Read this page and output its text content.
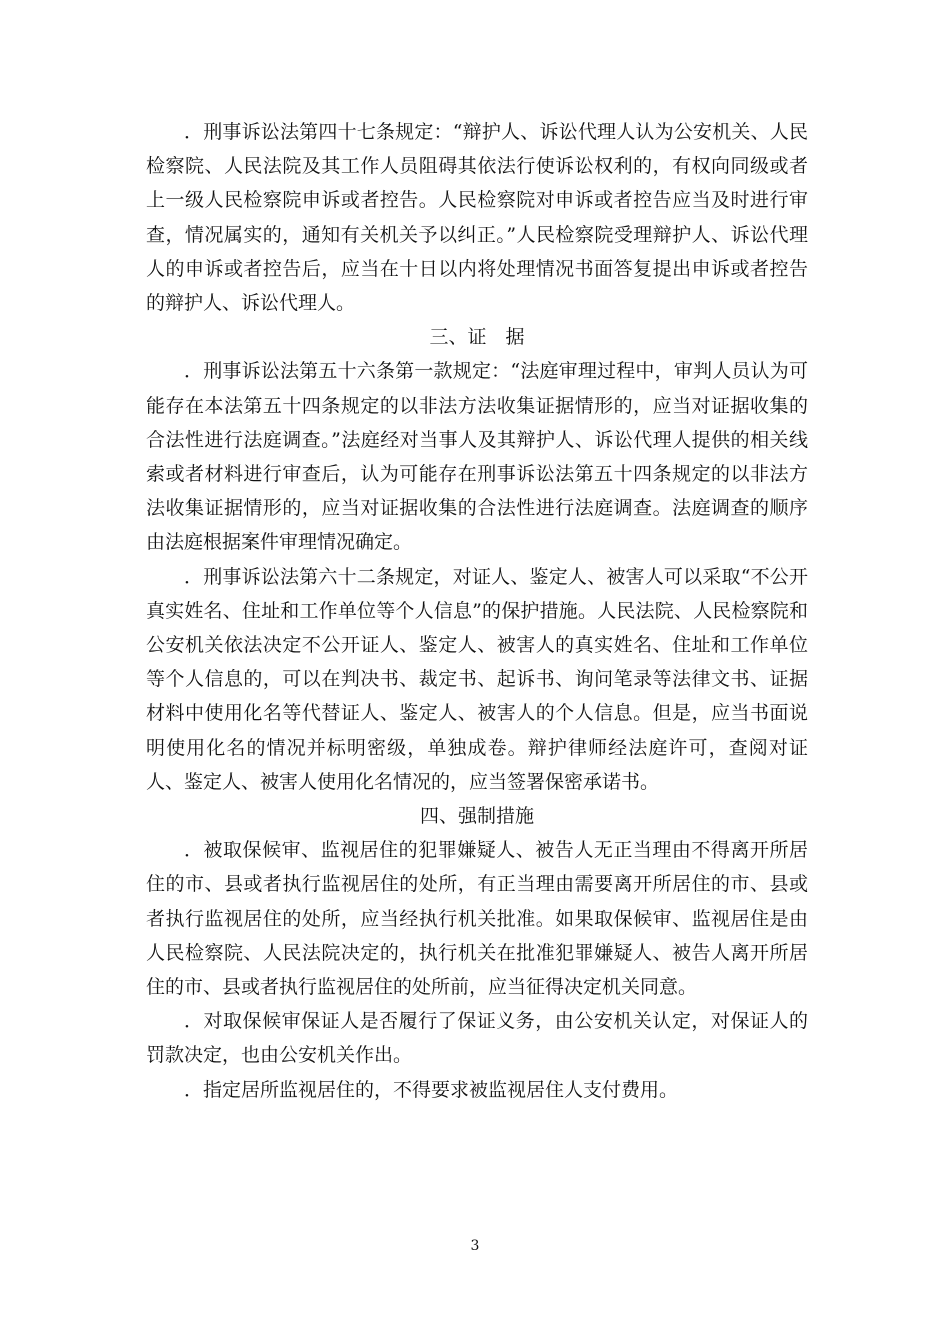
．刑事诉讼法第四十七条规定：“辩护人、诉讼代理人认为公安机关、人民检察院、人民法院及其工作人员阻碍其依法行使诉讼权利的，有权向同级或者上一级人民检察院申诉或者控告。人民检察院对申诉或者控告应当及时进行审查，情况属实的，通知有关机关予以纠正。”人民检察院受理辩护人、诉讼代理人的申诉或者控告后，应当在十日以内将处理情况书面答复提出申诉或者控告的辩护人、诉讼代理人。

三、证　据

．刑事诉讼法第五十六条第一款规定：“法庭审理过程中，审判人员认为可能存在本法第五十四条规定的以非法方法收集证据情形的，应当对证据收集的合法性进行法庭调查。”法庭经对当事人及其辩护人、诉讼代理人提供的相关线索或者材料进行审查后，认为可能存在刑事诉讼法第五十四条规定的以非法方法收集证据情形的，应当对证据收集的合法性进行法庭调查。法庭调查的顺序由法庭根据案件审理情况确定。

．刑事诉讼法第六十二条规定，对证人、鉴定人、被害人可以采取“不公开真实姓名、住址和工作单位等个人信息”的保护措施。人民法院、人民检察院和公安机关依法决定不公开证人、鉴定人、被害人的真实姓名、住址和工作单位等个人信息的，可以在判决书、裁定书、起诉书、询问笔录等法律文书、证据材料中使用化名等代替证人、鉴定人、被害人的个人信息。但是，应当书面说明使用化名的情况并标明密级，单独成卷。辩护律师经法庭许可，查阅对证人、鉴定人、被害人使用化名情况的，应当签署保密承诺书。

四、强制措施

．被取保候审、监视居住的犯罪嫌疑人、被告人无正当理由不得离开所居住的市、县或者执行监视居住的处所，有正当理由需要离开所居住的市、县或者执行监视居住的处所，应当经执行机关批准。如果取保候审、监视居住是由人民检察院、人民法院决定的，执行机关在批准犯罪嫌疑人、被告人离开所居住的市、县或者执行监视居住的处所前，应当征得决定机关同意。

．对取保候审保证人是否履行了保证义务，由公安机关认定，对保证人的罚款决定，也由公安机关作出。

．指定居所监视居住的，不得要求被监视居住人支付费用。

3
